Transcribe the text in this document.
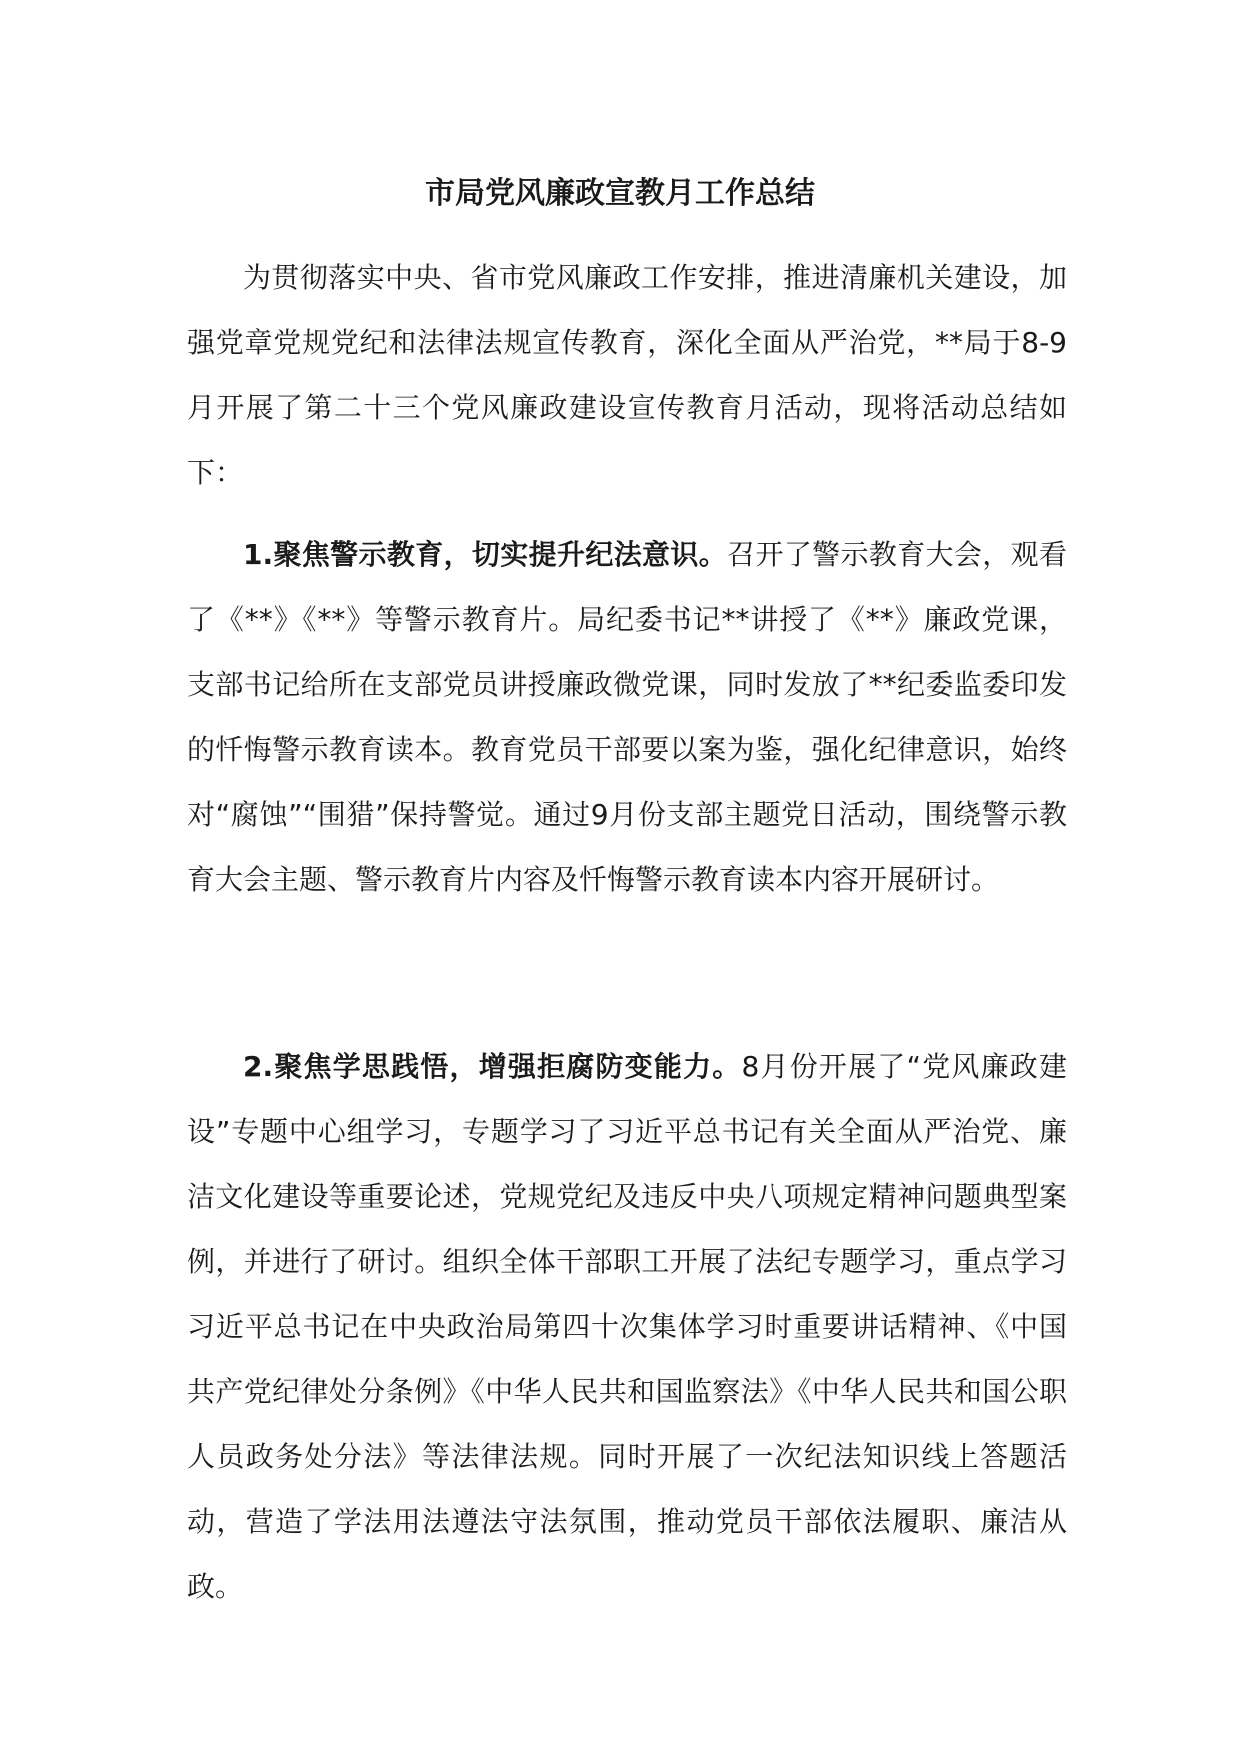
市局党风廉政宣教月工作总结

为贯彻落实中央、省市党风廉政工作安排，推进清廉机关建设，加强党章党规党纪和法律法规宣传教育，深化全面从严治党，**局于8-9月开展了第二十三个党风廉政建设宣传教育月活动，现将活动总结如下：

1.聚焦警示教育，切实提升纪法意识。召开了警示教育大会，观看了《**》《**》等警示教育片。局纪委书记**讲授了《**》廉政党课，支部书记给所在支部党员讲授廉政微党课，同时发放了**纪委监委印发的忏悔警示教育读本。教育党员干部要以案为鉴，强化纪律意识，始终对“腐蚀”“围猎”保持警觉。通过9月份支部主题党日活动，围绕警示教育大会主题、警示教育片内容及忏悔警示教育读本内容开展研讨。

2.聚焦学思践悟，增强拒腐防变能力。8月份开展了“党风廉政建设”专题中心组学习，专题学习了习近平总书记有关全面从严治党、廉洁文化建设等重要论述，党规党纪及违反中央八项规定精神问题典型案例，并进行了研讨。组织全体干部职工开展了法纪专题学习，重点学习习近平总书记在中央政治局第四十次集体学习时重要讲话精神、《中国共产党纪律处分条例》《中华人民共和国监察法》《中华人民共和国公职人员政务处分法》等法律法规。同时开展了一次纪法知识线上答题活动，营造了学法用法遵法守法氛围，推动党员干部依法履职、廉洁从政。
